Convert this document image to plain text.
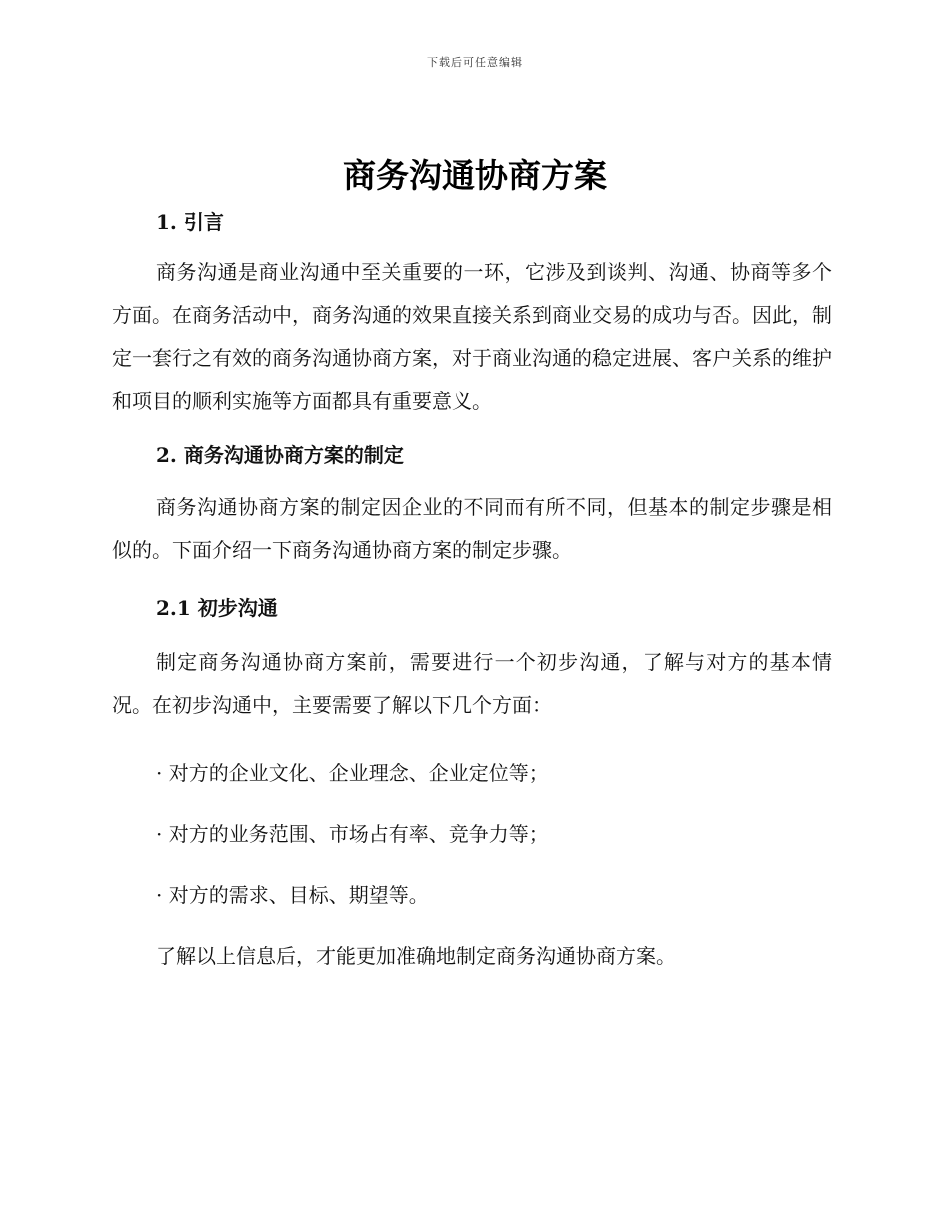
下载后可任意编辑
商务沟通协商方案

1. 引言

商务沟通是商业沟通中至关重要的一环，它涉及到谈判、沟通、协商等多个方面。在商务活动中，商务沟通的效果直接关系到商业交易的成功与否。因此，制定一套行之有效的商务沟通协商方案，对于商业沟通的稳定进展、客户关系的维护和项目的顺利实施等方面都具有重要意义。

2. 商务沟通协商方案的制定

商务沟通协商方案的制定因企业的不同而有所不同，但基本的制定步骤是相似的。下面介绍一下商务沟通协商方案的制定步骤。

2.1 初步沟通

制定商务沟通协商方案前，需要进行一个初步沟通，了解与对方的基本情况。在初步沟通中，主要需要了解以下几个方面：

· 对方的企业文化、企业理念、企业定位等；

· 对方的业务范围、市场占有率、竞争力等；

· 对方的需求、目标、期望等。

了解以上信息后，才能更加准确地制定商务沟通协商方案。
